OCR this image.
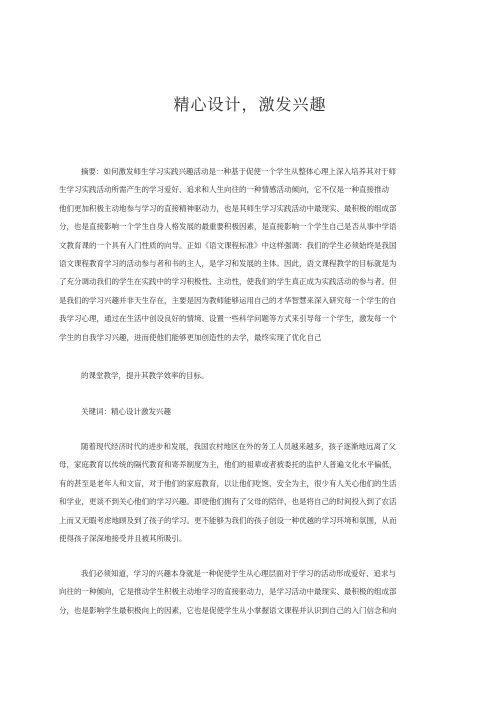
精心设计，激发兴趣
摘要：如何激发师生学习实践兴趣活动是一种基于促使一个学生从整体心理上深入培养其对于师
生学习实践活动所需产生的学习爱好、追求和人生向往的一种情感活动倾向，它不仅是一种直接推动
他们更加积极主动地参与学习的直接精神驱动力，也是其师生学习实践活动中最现实、最积极的组成部
分，也是直接影响一个学生自身人格发展的最重要积极因素，是直接影响一个学生自己是否从事中学语
文教育课的一个具有入门性质的向导。正如《语文课程标准》中这样强调：我们的学生必须始终是我国
语文课程教育学习的活动参与者和书的主人，是学习和发展的主体。因此，语文课程教学的目标就是为
了充分调动我们的学生在实践中的学习积极性、主动性，使我们的学生真正成为实践活动的参与者。但
是我们的学习兴趣并非天生存在，主要是因为教师能够运用自己的才华智慧来深入研究每一个学生的自
我学习心理，通过在生活中创设良好的情境、设置一些科学问题等方式来引导每一个学生，激发每一个
学生的自我学习兴趣，进而使他们能够更加创造性的去学，最终实现了优化自己
的课堂教学，提升其教学效率的目标。
关键词：精心设计激发兴趣
随着现代经济时代的进步和发展，我国农村地区在外的务工人员越来越多，孩子逐渐地远离了父
母，家庭教育以传统的隔代教育和寄养制度为主，他们的祖辈或者被委托的监护人普遍文化水平偏低，
有的甚至是老年人和文盲，对于他们的家庭教育，以让他们吃饱、安全为主，很少有人关心他们的生活
和学业，更谈不到关心他们的学习兴趣。即使他们拥有了父母的陪伴，也是将自己的时间投入到了农活
上而又无暇考虑地顾及到了孩子的学习。更不能够为我们的孩子创设一种优越的学习环境和氛围，从而
使得孩子深深地接受并且被其所吸引。
我们必须知道，学习的兴趣本身就是一种促使学生从心理层面对于学习的活动形成爱好、追求与
向往的一种倾向，它是推动学生积极主动地学习的直接驱动力，是学习活动中最现实、最积极的组成部
分，也是影响学生最积极向上的因素，它也是促使学生从小掌握语文课程并认识到自己的入门信念和向
